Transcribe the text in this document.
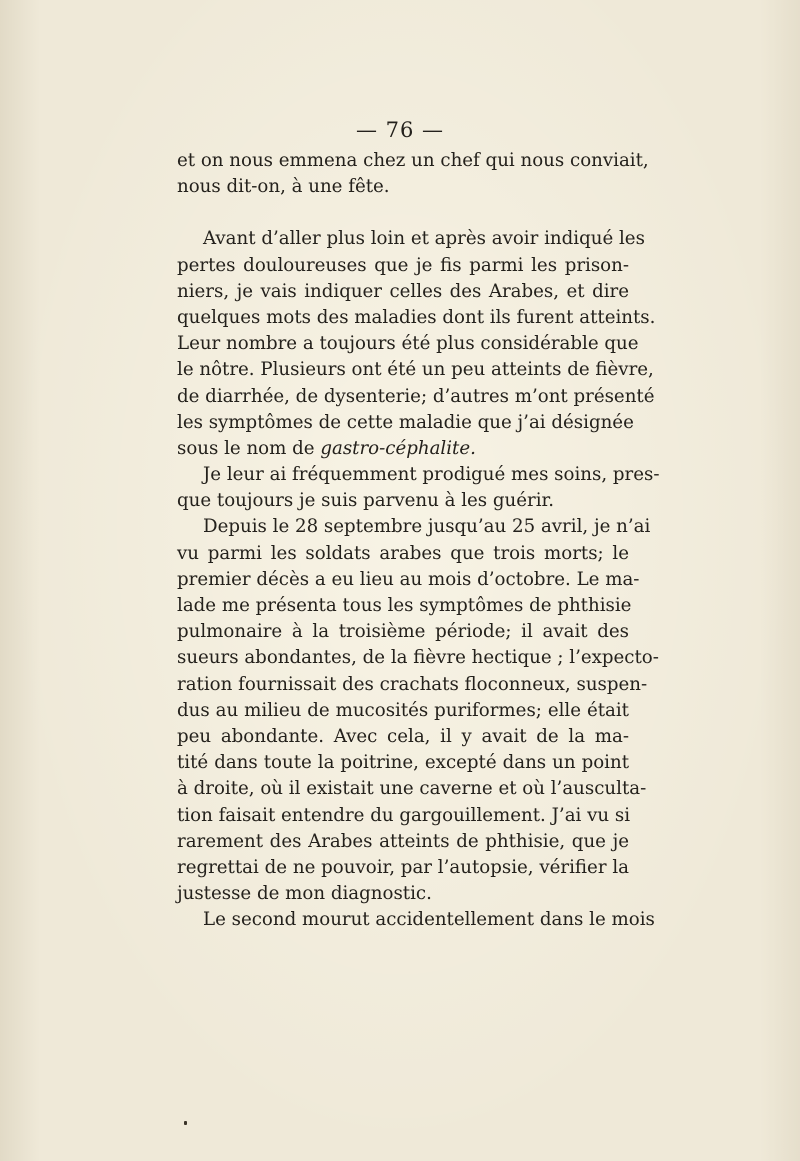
— 76 —

et on nous emmena chez un chef qui nous conviait,
nous dit-on, à une fête.
Avant d’aller plus loin et après avoir indiqué les
pertes douloureuses que je fis parmi les prison-
niers, je vais indiquer celles des Arabes, et dire
quelques mots des maladies dont ils furent atteints.
Leur nombre a toujours été plus considérable que
le nôtre. Plusieurs ont été un peu atteints de fièvre,
de diarrhée, de dysenterie; d’autres m’ont présenté
les symptômes de cette maladie que j’ai désignée
sous le nom de gastro-céphalite.
Je leur ai fréquemment prodigué mes soins, pres-
que toujours je suis parvenu à les guérir.
Depuis le 28 septembre jusqu’au 25 avril, je n’ai
vu parmi les soldats arabes que trois morts; le
premier décès a eu lieu au mois d’octobre. Le ma-
lade me présenta tous les symptômes de phthisie
pulmonaire à la troisième période; il avait des
sueurs abondantes, de la fièvre hectique ; l’expecto-
ration fournissait des crachats floconneux, suspen-
dus au milieu de mucosités puriformes; elle était
peu abondante. Avec cela, il y avait de la ma-
tité dans toute la poitrine, excepté dans un point
à droite, où il existait une caverne et où l’ausculta-
tion faisait entendre du gargouillement. J’ai vu si
rarement des Arabes atteints de phthisie, que je
regrettai de ne pouvoir, par l’autopsie, vérifier la
justesse de mon diagnostic.
Le second mourut accidentellement dans le mois
